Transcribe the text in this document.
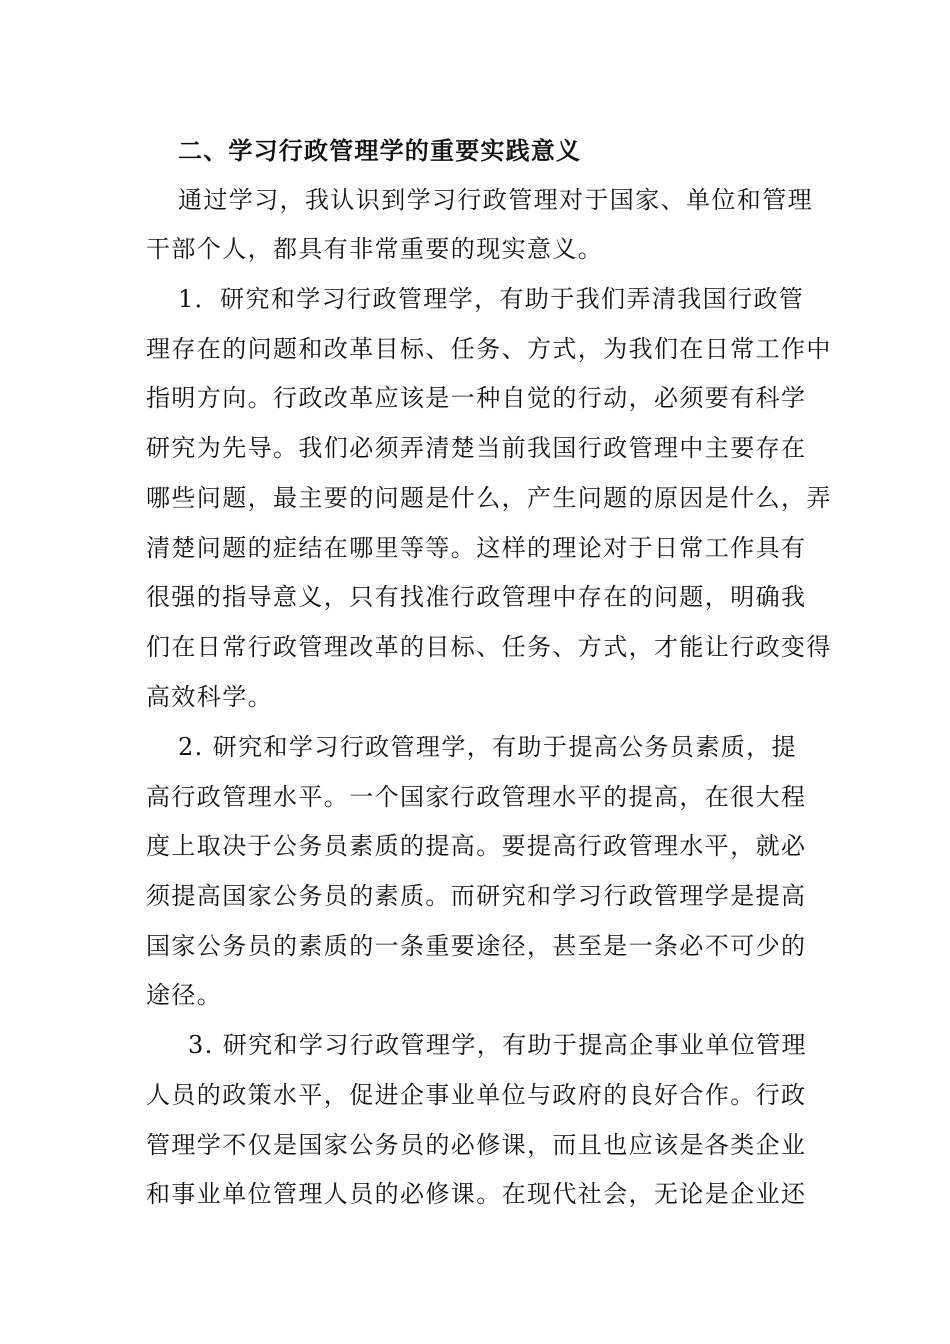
二、学习行政管理学的重要实践意义
通过学习，我认识到学习行政管理对于国家、单位和管理
干部个人，都具有非常重要的现实意义。
1．研究和学习行政管理学，有助于我们弄清我国行政管
理存在的问题和改革目标、任务、方式，为我们在日常工作中
指明方向。行政改革应该是一种自觉的行动，必须要有科学
研究为先导。我们必须弄清楚当前我国行政管理中主要存在
哪些问题，最主要的问题是什么，产生问题的原因是什么，弄
清楚问题的症结在哪里等等。这样的理论对于日常工作具有
很强的指导意义，只有找准行政管理中存在的问题，明确我
们在日常行政管理改革的目标、任务、方式，才能让行政变得
高效科学。
2. 研究和学习行政管理学，有助于提高公务员素质，提
高行政管理水平。一个国家行政管理水平的提高，在很大程
度上取决于公务员素质的提高。要提高行政管理水平，就必
须提高国家公务员的素质。而研究和学习行政管理学是提高
国家公务员的素质的一条重要途径，甚至是一条必不可少的
途径。
3. 研究和学习行政管理学，有助于提高企事业单位管理
人员的政策水平，促进企事业单位与政府的良好合作。行政
管理学不仅是国家公务员的必修课，而且也应该是各类企业
和事业单位管理人员的必修课。在现代社会，无论是企业还
